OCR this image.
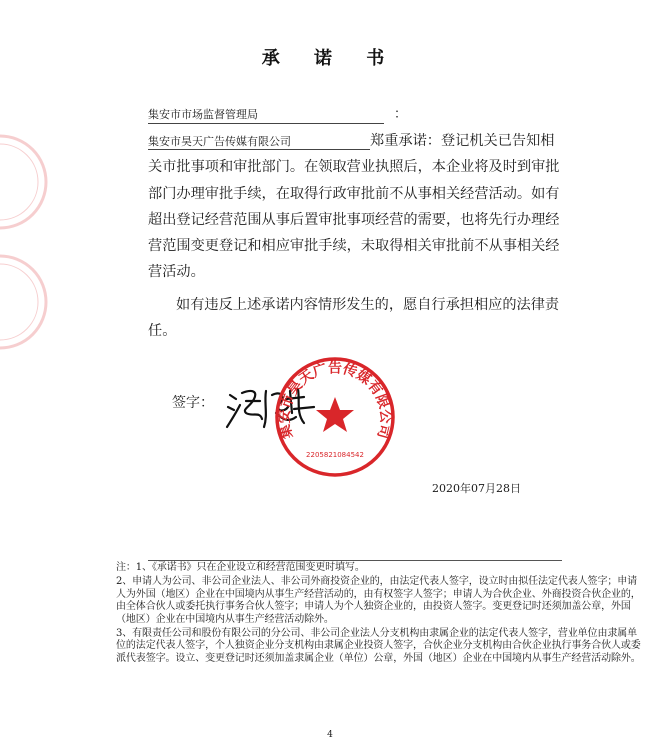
承 诺 书
集安市市场监督管理局	：

集安市昊天广告传媒有限公司	郑重承诺：登记机关已告知相关市批事项和审批部门。在领取营业执照后，本企业将及时到审批部门办理审批手续，在取得行政审批前不从事相关经营活动。如有超出登记经营范围从事后置审批事项经营的需要，也将先行办理经营范围变更登记和相应审批手续，未取得相关审批前不从事相关经营活动。

如有违反上述承诺内容情形发生的，愿自行承担相应的法律责任。

签字：
集安市昊天广告传媒有限公司
2205821084542
2020年07月28日

注：1、《承诺书》只在企业设立和经营范围变更时填写。

2、申请人为公司、非公司企业法人、非公司外商投资企业的，由法定代表人签字，设立时由拟任法定代表人签字；申请人为外国（地区）企业在中国境内从事生产经营活动的，由有权签字人签字；申请人为合伙企业、外商投资合伙企业的，由全体合伙人或委托执行事务合伙人签字；申请人为个人独资企业的，由投资人签字。变更登记时还须加盖公章，外国（地区）企业在中国境内从事生产经营活动除外。

3、有限责任公司和股份有限公司的分公司、非公司企业法人分支机构由隶属企业的法定代表人签字，营业单位由隶属单位的法定代表人签字，个人独资企业分支机构由隶属企业投资人签字，合伙企业分支机构由合伙企业执行事务合伙人或委派代表签字。设立、变更登记时还须加盖隶属企业（单位）公章，外国（地区）企业在中国境内从事生产经营活动除外。

4
